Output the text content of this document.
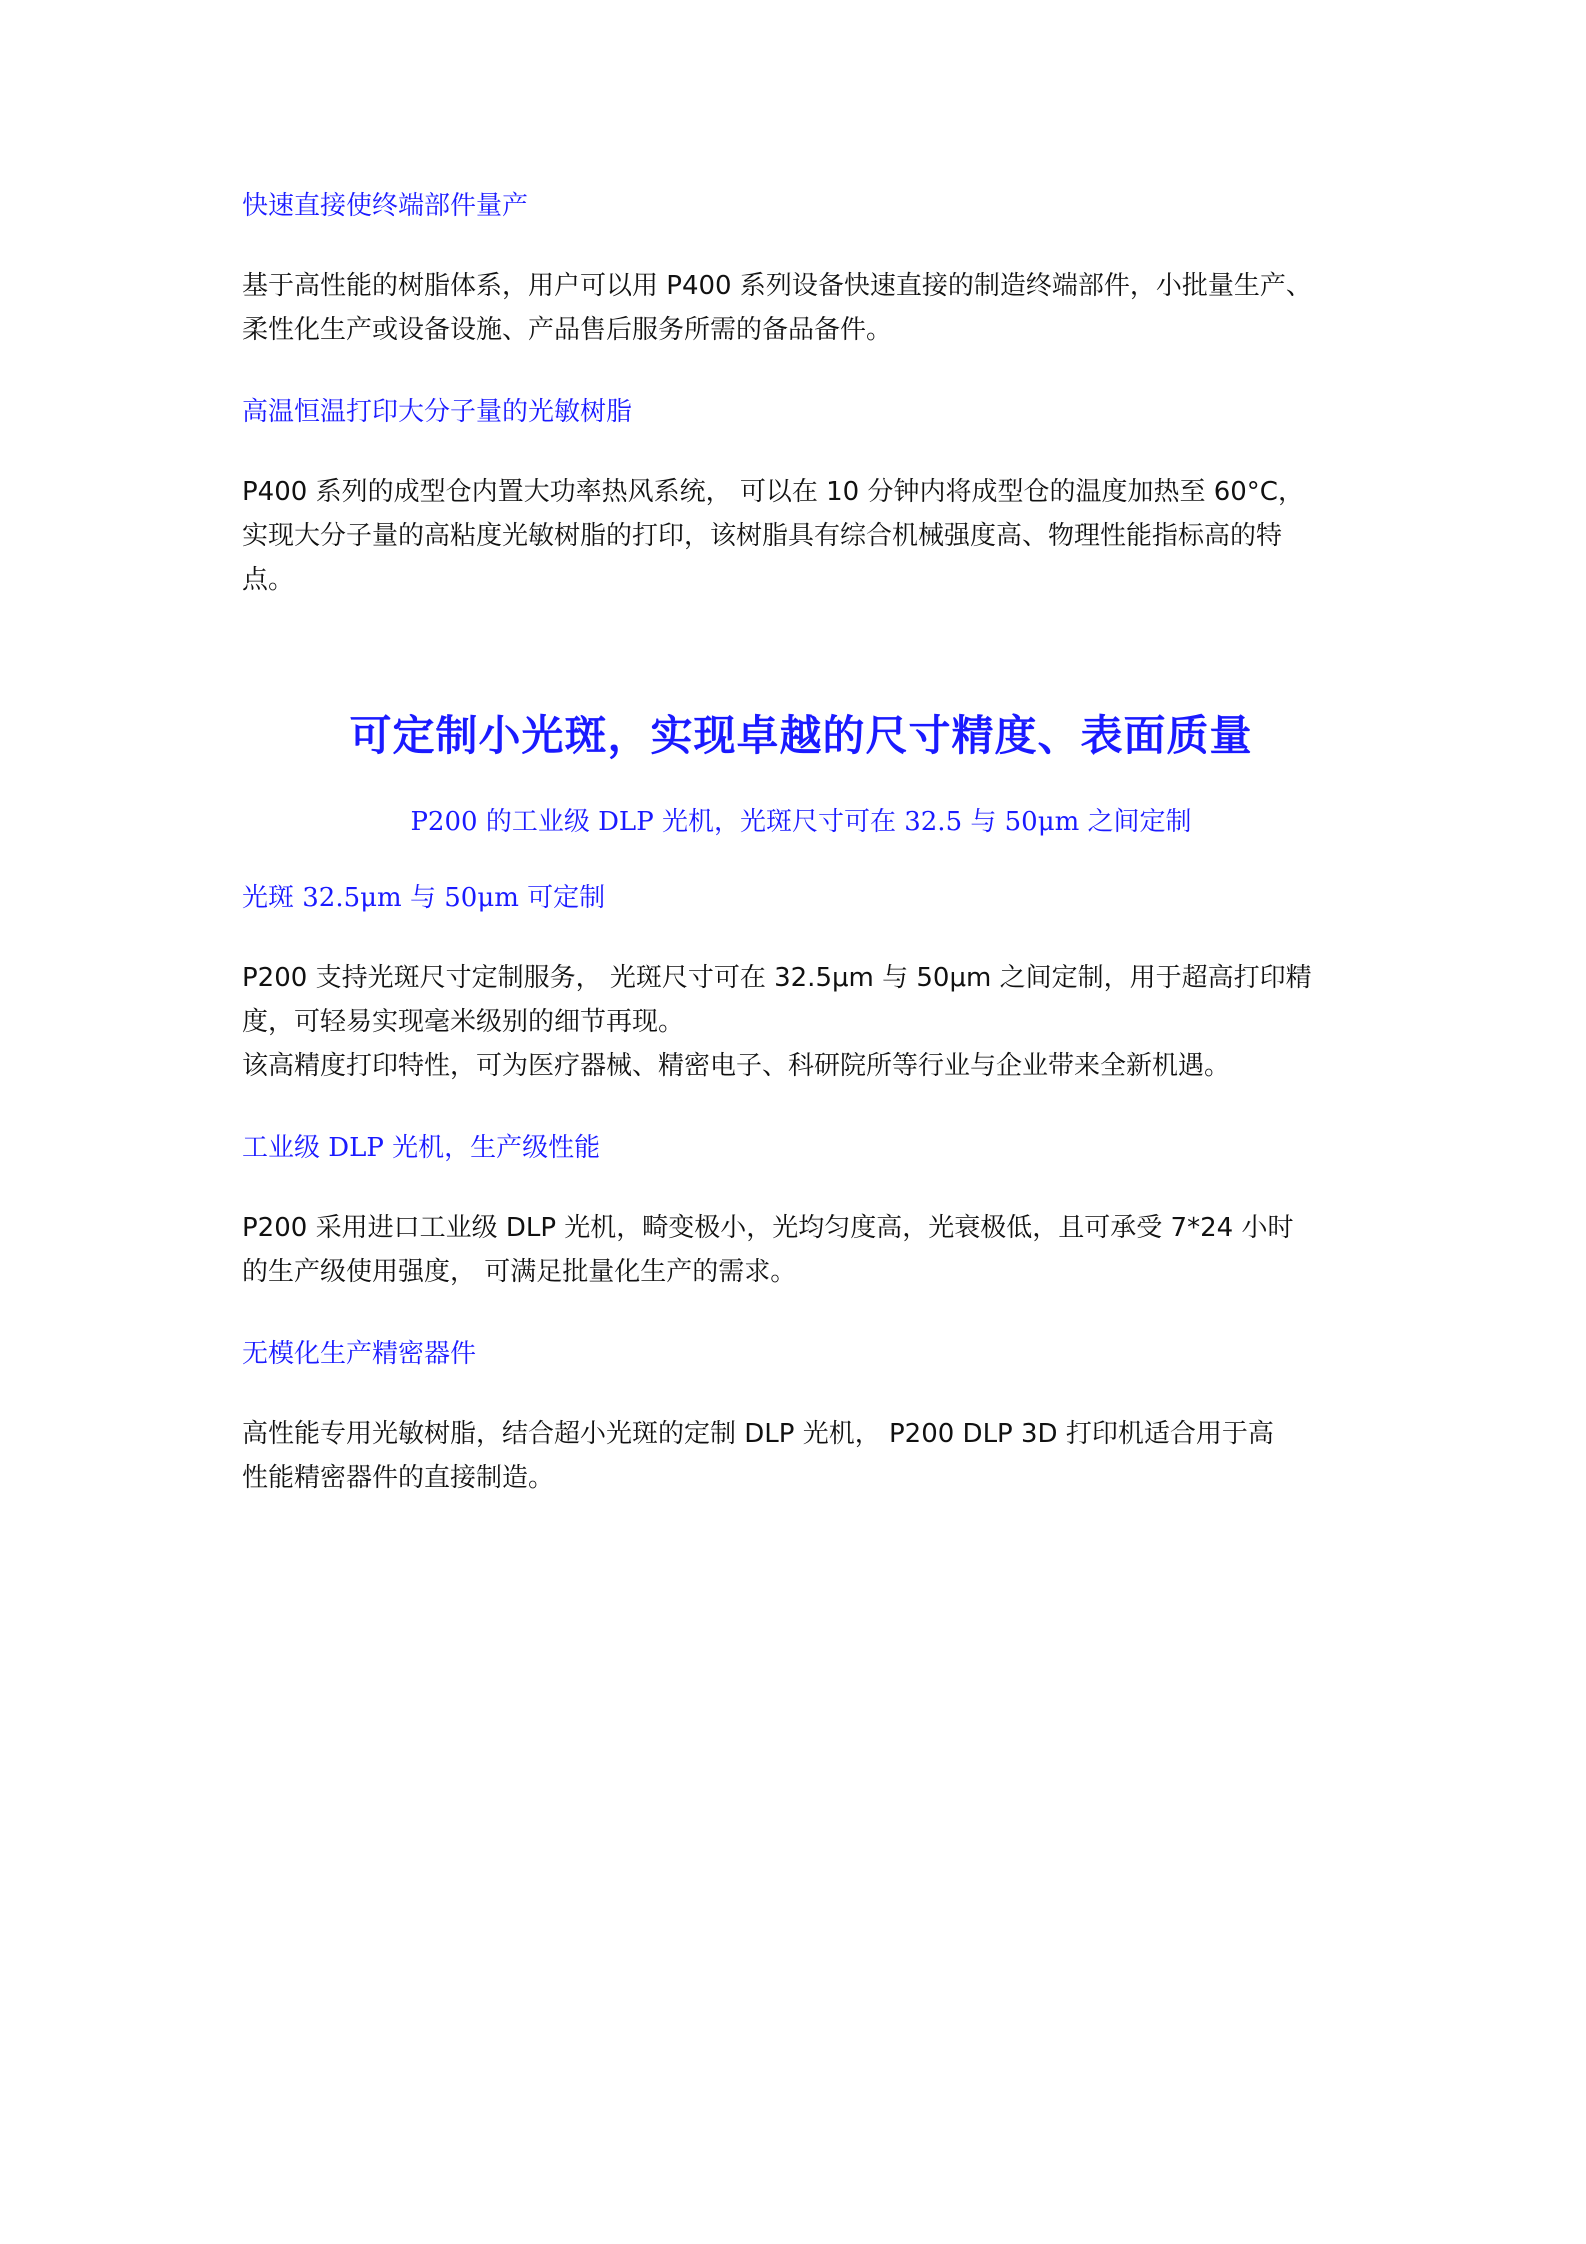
快速直接使终端部件量产

基于高性能的树脂体系，用户可以用 P400 系列设备快速直接的制造终端部件，小批量生产、
柔性化生产或设备设施、产品售后服务所需的备品备件。

高温恒温打印大分子量的光敏树脂

P400 系列的成型仓内置大功率热风系统， 可以在 10 分钟内将成型仓的温度加热至 60°C，
实现大分子量的高粘度光敏树脂的打印，该树脂具有综合机械强度高、物理性能指标高的特
点。

可定制小光斑，实现卓越的尺寸精度、表面质量

P200 的工业级 DLP 光机，光斑尺寸可在 32.5 与 50μm 之间定制

光斑 32.5μm 与 50μm 可定制

P200 支持光斑尺寸定制服务， 光斑尺寸可在 32.5μm 与 50μm 之间定制，用于超高打印精
度，可轻易实现毫米级别的细节再现。
该高精度打印特性，可为医疗器械、精密电子、科研院所等行业与企业带来全新机遇。

工业级 DLP 光机，生产级性能

P200 采用进口工业级 DLP 光机，畸变极小，光均匀度高，光衰极低，且可承受 7*24 小时
的生产级使用强度， 可满足批量化生产的需求。

无模化生产精密器件

高性能专用光敏树脂，结合超小光斑的定制 DLP 光机， P200 DLP 3D 打印机适合用于高
性能精密器件的直接制造。
